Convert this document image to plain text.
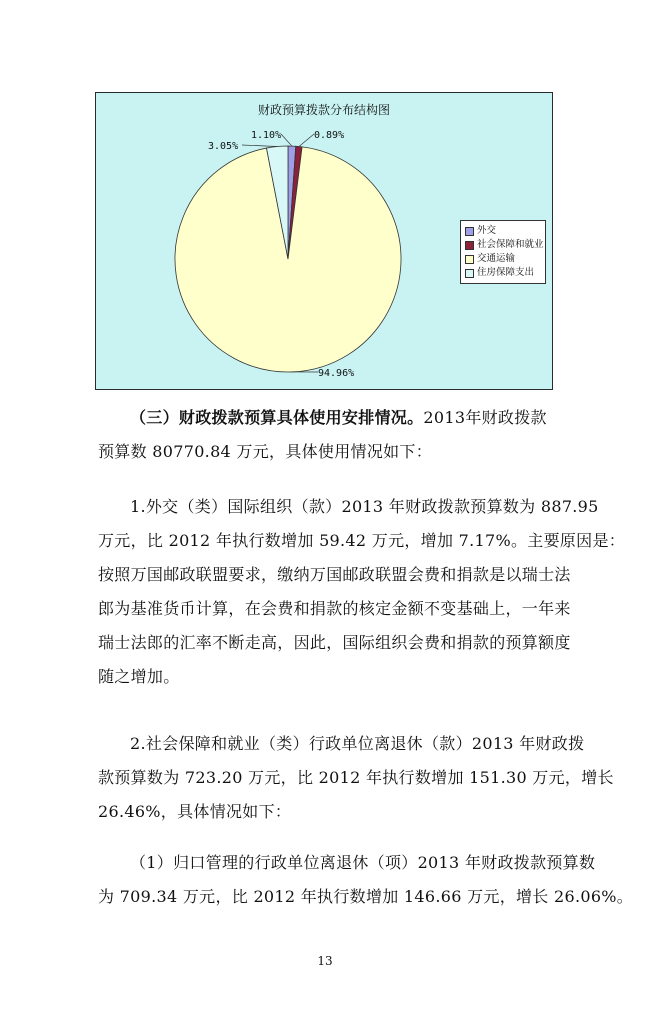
财政预算拨款分布结构图
1.10%	0.89%
94.96%
3.05%
外交
社会保障和就业
交通运输
住房保障支出
（三）财政拨款预算具体使用安排情况。2013年财政拨款
预算数 80770.84 万元，具体使用情况如下：
1.外交（类）国际组织（款）2013 年财政拨款预算数为 887.95
万元，比 2012 年执行数增加 59.42 万元，增加 7.17%。主要原因是：
按照万国邮政联盟要求，缴纳万国邮政联盟会费和捐款是以瑞士法
郎为基准货币计算，在会费和捐款的核定金额不变基础上，一年来
瑞士法郎的汇率不断走高，因此，国际组织会费和捐款的预算额度
随之增加。
2.社会保障和就业（类）行政单位离退休（款）2013 年财政拨
款预算数为 723.20 万元，比 2012 年执行数增加 151.30 万元，增长
26.46%，具体情况如下：
（1）归口管理的行政单位离退休（项）2013 年财政拨款预算数
为 709.34 万元，比 2012 年执行数增加 146.66 万元，增长 26.06%。
13
